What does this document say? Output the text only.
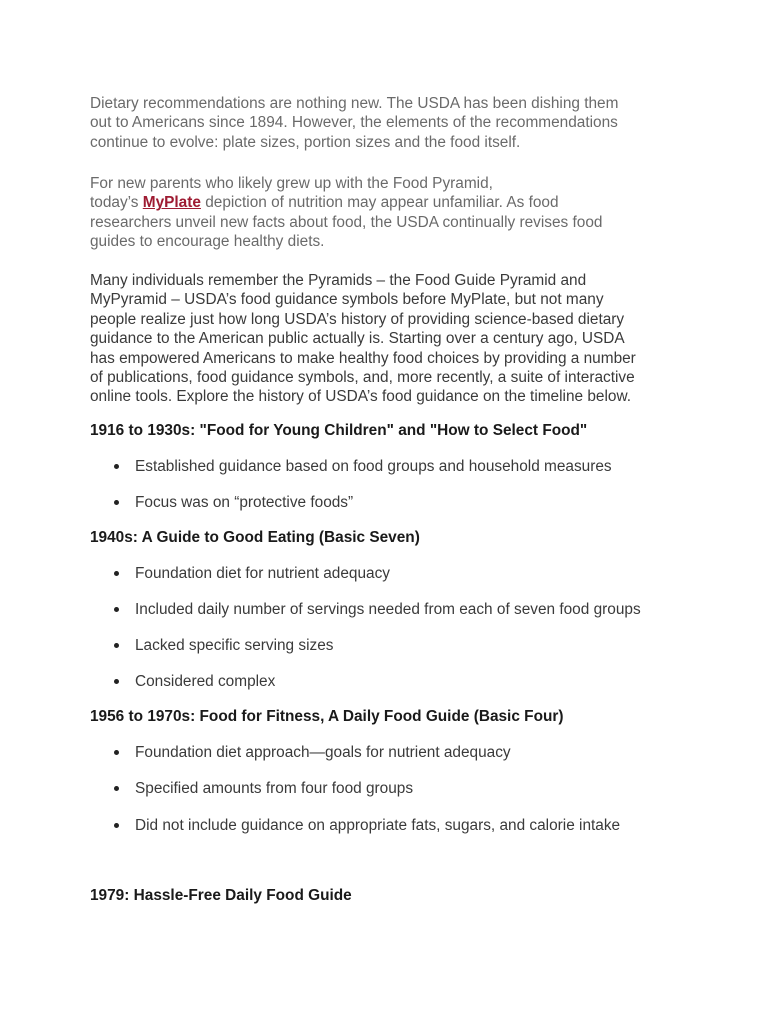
Dietary recommendations are nothing new. The USDA has been dishing them
out to Americans since 1894. However, the elements of the recommendations
continue to evolve: plate sizes, portion sizes and the food itself.

For new parents who likely grew up with the Food Pyramid,
today’s MyPlate depiction of nutrition may appear unfamiliar. As food
researchers unveil new facts about food, the USDA continually revises food
guides to encourage healthy diets.

Many individuals remember the Pyramids – the Food Guide Pyramid and
MyPyramid – USDA’s food guidance symbols before MyPlate, but not many
people realize just how long USDA’s history of providing science-based dietary
guidance to the American public actually is. Starting over a century ago, USDA
has empowered Americans to make healthy food choices by providing a number
of publications, food guidance symbols, and, more recently, a suite of interactive
online tools. Explore the history of USDA’s food guidance on the timeline below.

1916 to 1930s: "Food for Young Children" and "How to Select Food"
Established guidance based on food groups and household measures
Focus was on “protective foods”
1940s: A Guide to Good Eating (Basic Seven)
Foundation diet for nutrient adequacy
Included daily number of servings needed from each of seven food groups
Lacked specific serving sizes
Considered complex
1956 to 1970s: Food for Fitness, A Daily Food Guide (Basic Four)
Foundation diet approach—goals for nutrient adequacy
Specified amounts from four food groups
Did not include guidance on appropriate fats, sugars, and calorie intake
1979: Hassle-Free Daily Food Guide
